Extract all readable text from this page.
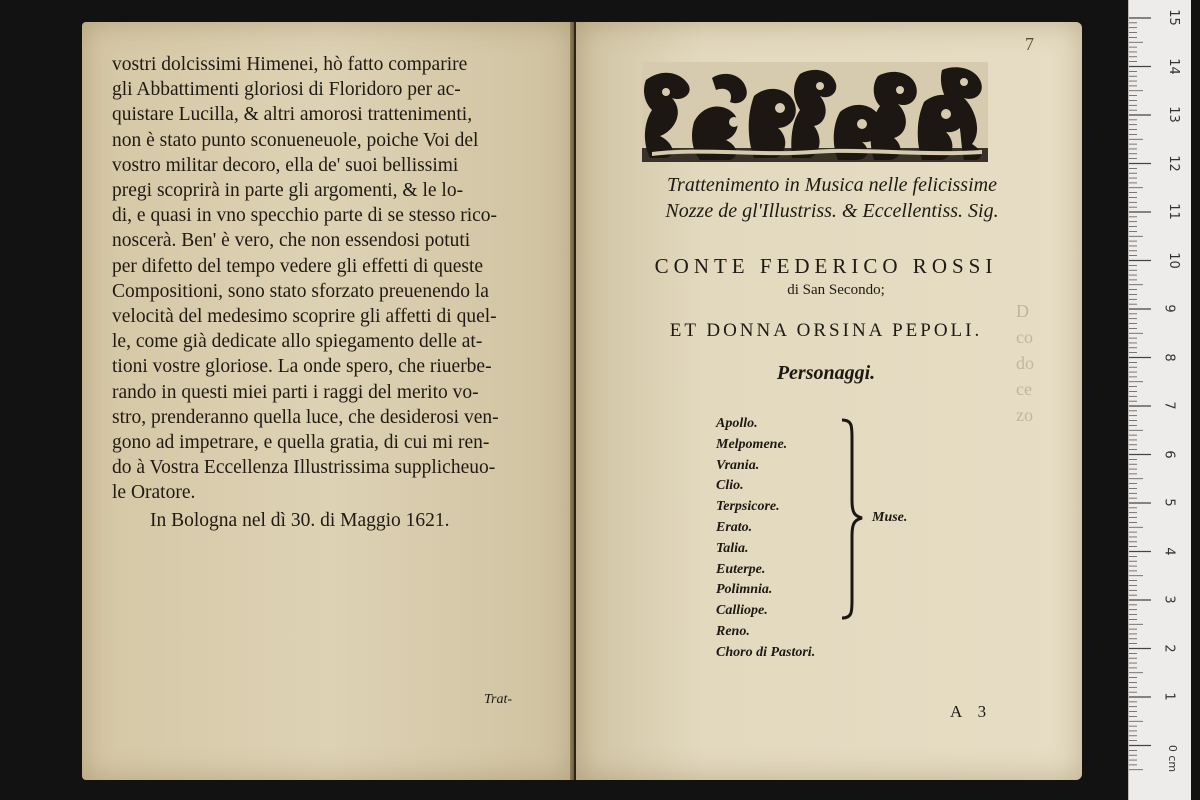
vostri dolcissimi Himenei, hò fatto comparire

gli Abbattimenti gloriosi di Floridoro per ac-

quistare Lucilla, & altri amorosi trattenimenti,

non è stato punto sconueneuole, poiche Voi del

vostro militar decoro, ella de' suoi bellissimi

pregi scoprirà in parte gli argomenti, & le lo-

di, e quasi in vno specchio parte di se stesso rico-

noscerà. Ben' è vero, che non essendosi potuti

per difetto del tempo vedere gli effetti di queste

Compositioni, sono stato sforzato preuenendo la

velocità del medesimo scoprire gli affetti di quel-

le, come già dedicate allo spiegamento delle at-

tioni vostre gloriose. La onde spero, che riuerbe-

rando in questi miei parti i raggi del merito vo-

stro, prenderanno quella luce, che desiderosi ven-

gono ad impetrare, e quella gratia, di cui mi ren-

do à Vostra Eccellenza Illustrissima supplicheuo-

le Oratore.

In Bologna nel dì 30. di Maggio 1621.

Trat-
D
co
do
ce
zo

7
Trattenimento in Musica nelle felicissime
Nozze de gl'Illustriss. & Eccellentiss. Sig.
CONTE FEDERICO ROSSI
di San Secondo;
ET DONNA ORSINA PEPOLI.
Personaggi.
Apollo.
Melpomene.
Vrania.
Clio.
Terpsicore.
Erato.
Talia.
Euterpe.
Polimnia.
Calliope.
Reno.
Choro di Pastori.
Muse.
A 3
0 cm
15
14
13
12
11
10
9
8
7
6
5
4
3
2
1
